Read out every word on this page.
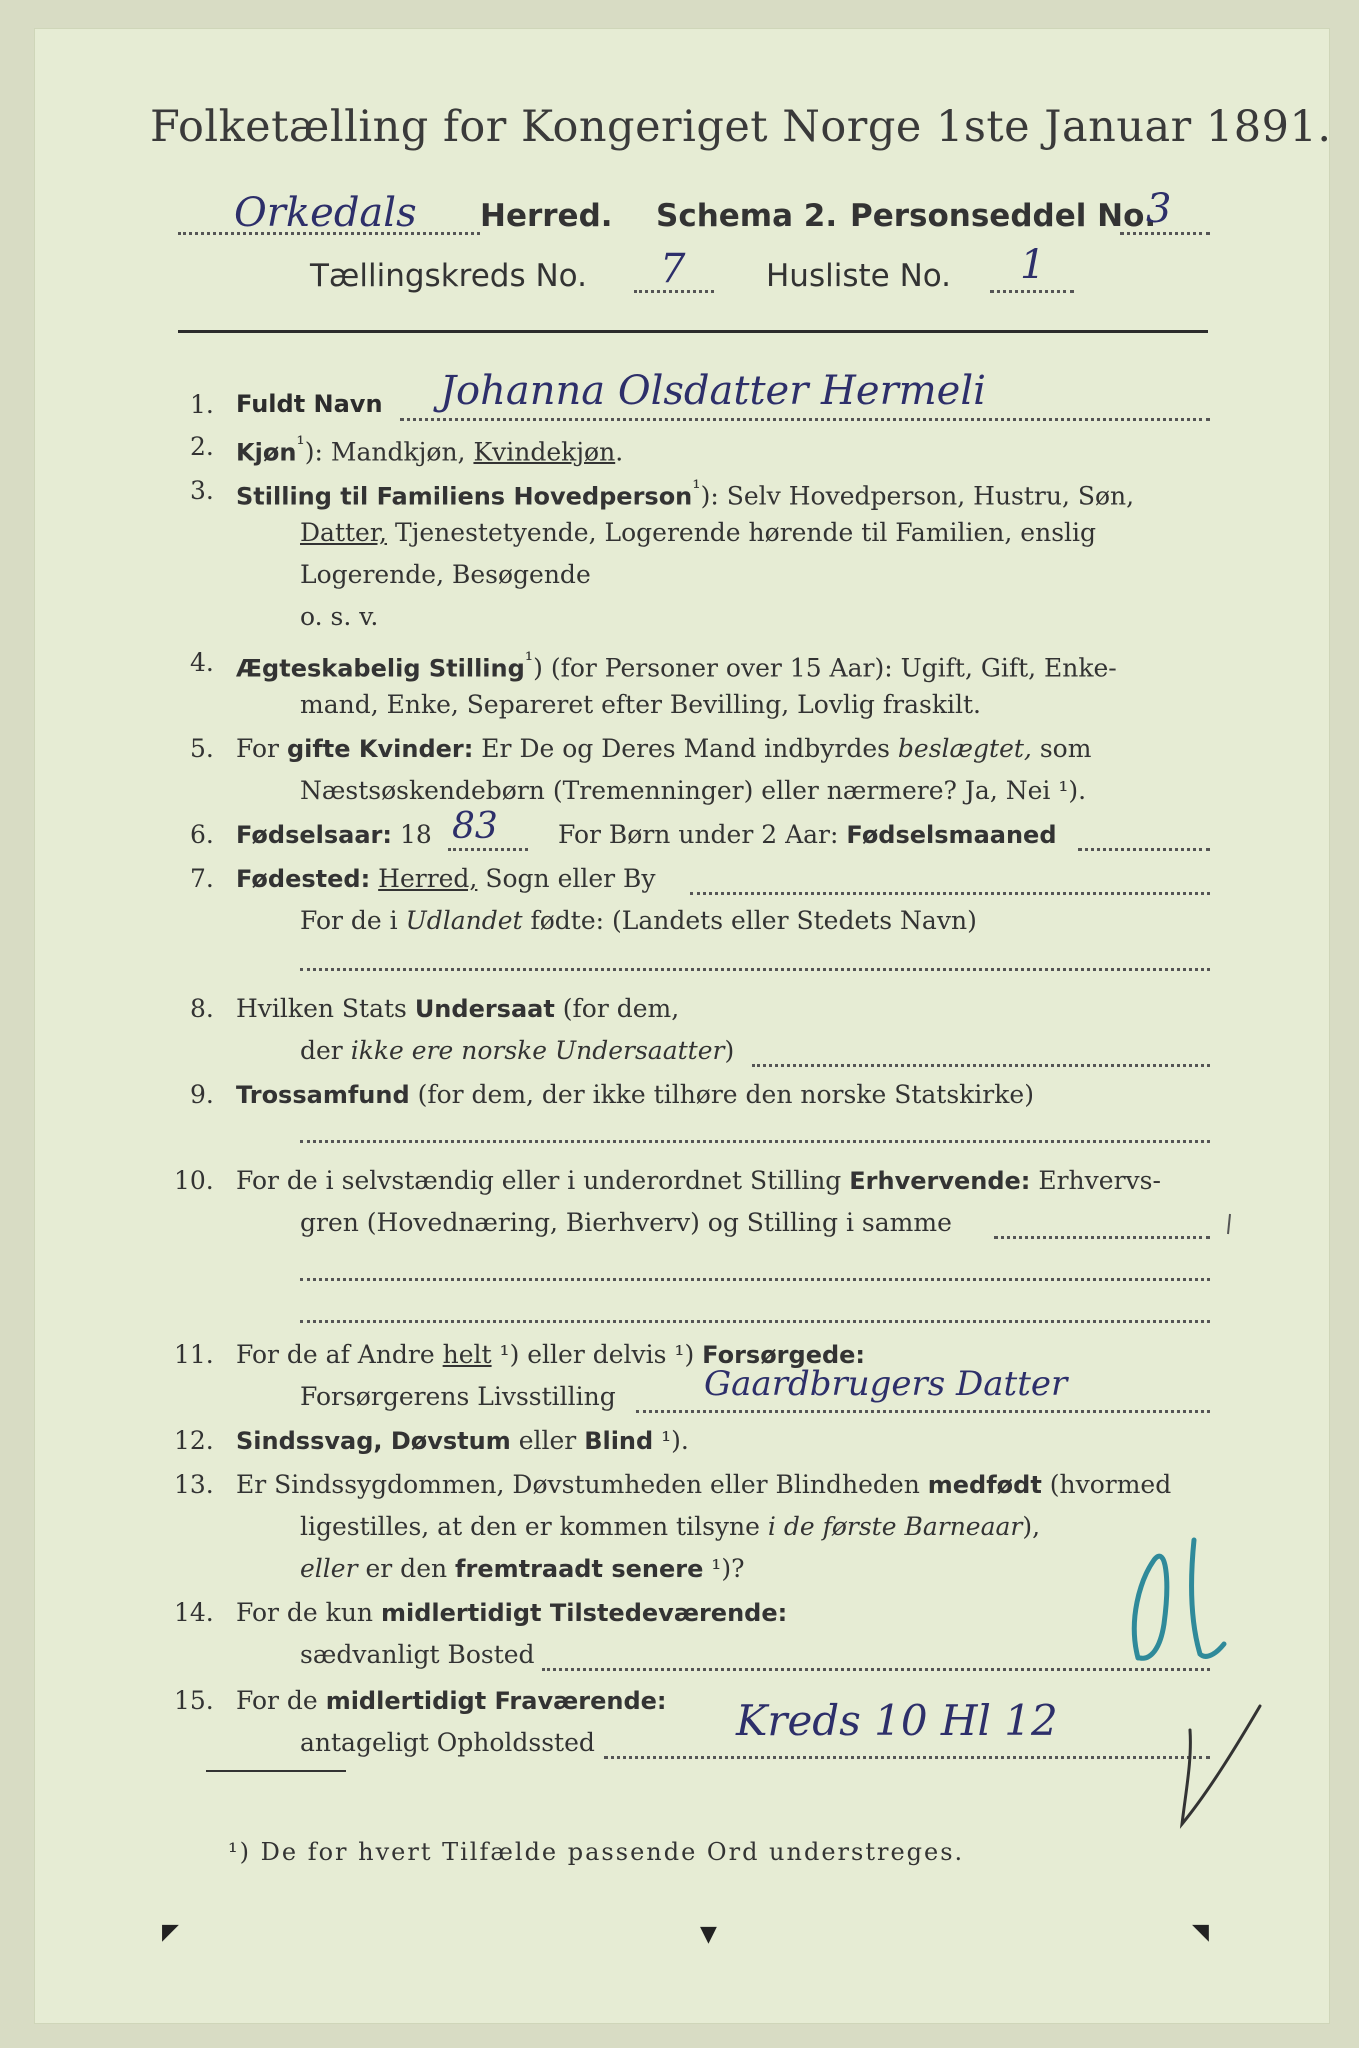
Folketælling for Kongeriget Norge 1ste Januar 1891.
Orkedals Herred. Schema 2. Personseddel No.
3
Tællingskreds No. 7	Husliste No. 1
1. Fuldt Navn Johanna Olsdatter Hermeli
2. Kjøn$^{^1}$): Mandkjøn, Kvindekjøn.
3. Stilling til Familiens Hovedperson$^{^1}$): Selv Hovedperson, Hustru, Søn,
Datter, Tjenestetyende, Logerende hørende til Familien, enslig
Logerende, Besøgende
o. s. v.
4. Ægteskabelig Stilling$^{^1}$) (for Personer over 15 Aar): Ugift, Gift, Enke-
mand, Enke, Separeret efter Bevilling, Lovlig fraskilt.
5. For gifte Kvinder: Er De og Deres Mand indbyrdes beslægtet, som
Næstsøskendebørn (Tremenninger) eller nærmere? Ja, Nei ¹).
6. Fødselsaar: 18 83 For Børn under 2 Aar: Fødselsmaaned
7. Fødested: Herred, Sogn eller By
For de i Udlandet fødte: (Landets eller Stedets Navn)
8. Hvilken Stats Undersaat (for dem,
der ikke ere norske Undersaatter)
9. Trossamfund (for dem, der ikke tilhøre den norske Statskirke)
10. For de i selvstændig eller i underordnet Stilling Erhvervende: Erhvervs-
gren (Hovednæring, Bierhverv) og Stilling i samme
11. For de af Andre helt ¹) eller delvis ¹) Forsørgede:
Forsørgerens Livsstilling	Gaardbrugers Datter
12. Sindssvag, Døvstum eller Blind ¹).
13. Er Sindssygdommen, Døvstumheden eller Blindheden medfødt (hvormed
ligestilles, at den er kommen tilsyne i de første Barneaar),
eller er den fremtraadt senere ¹)?
14. For de kun midlertidigt Tilstedeværende:
sædvanligt Bosted
15. For de midlertidigt Fraværende:
antageligt Opholdssted	Kreds 10 Hl 12
¹) De for hvert Tilfælde passende Ord understreges.
◤	▼	◥
